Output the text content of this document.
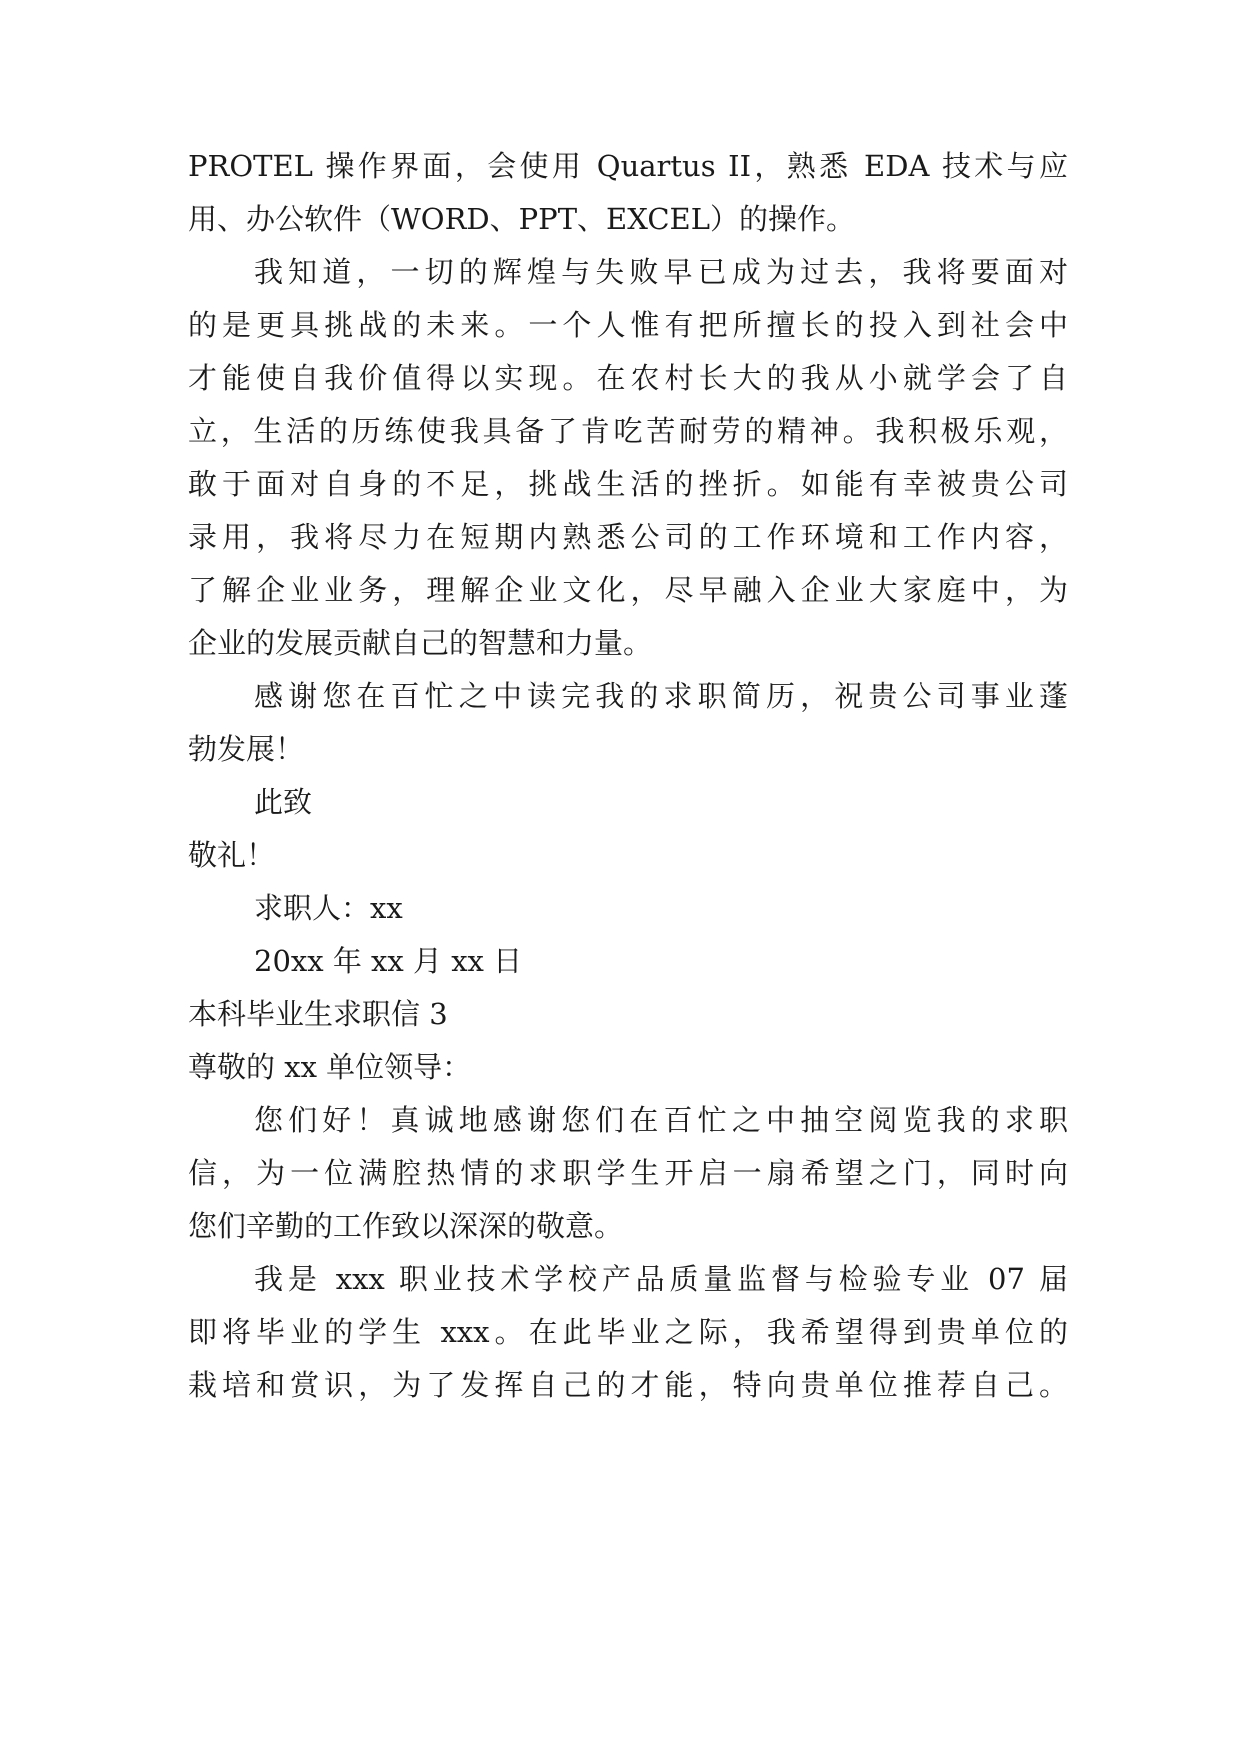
PROTEL 操作界面，会使用 Quartus II，熟悉 EDA 技术与应
用、办公软件（WORD、PPT、EXCEL）的操作。
我知道，一切的辉煌与失败早已成为过去，我将要面对
的是更具挑战的未来。一个人惟有把所擅长的投入到社会中
才能使自我价值得以实现。在农村长大的我从小就学会了自
立，生活的历练使我具备了肯吃苦耐劳的精神。我积极乐观，
敢于面对自身的不足，挑战生活的挫折。如能有幸被贵公司
录用，我将尽力在短期内熟悉公司的工作环境和工作内容，
了解企业业务，理解企业文化，尽早融入企业大家庭中，为
企业的发展贡献自己的智慧和力量。
感谢您在百忙之中读完我的求职简历，祝贵公司事业蓬
勃发展！
此致
敬礼！
求职人：xx
20xx 年 xx 月 xx 日
本科毕业生求职信 3
尊敬的 xx 单位领导：
您们好！真诚地感谢您们在百忙之中抽空阅览我的求职
信，为一位满腔热情的求职学生开启一扇希望之门，同时向
您们辛勤的工作致以深深的敬意。
我是 xxx 职业技术学校产品质量监督与检验专业 07 届
即将毕业的学生 xxx。在此毕业之际，我希望得到贵单位的
栽培和赏识，为了发挥自己的才能，特向贵单位推荐自己。
